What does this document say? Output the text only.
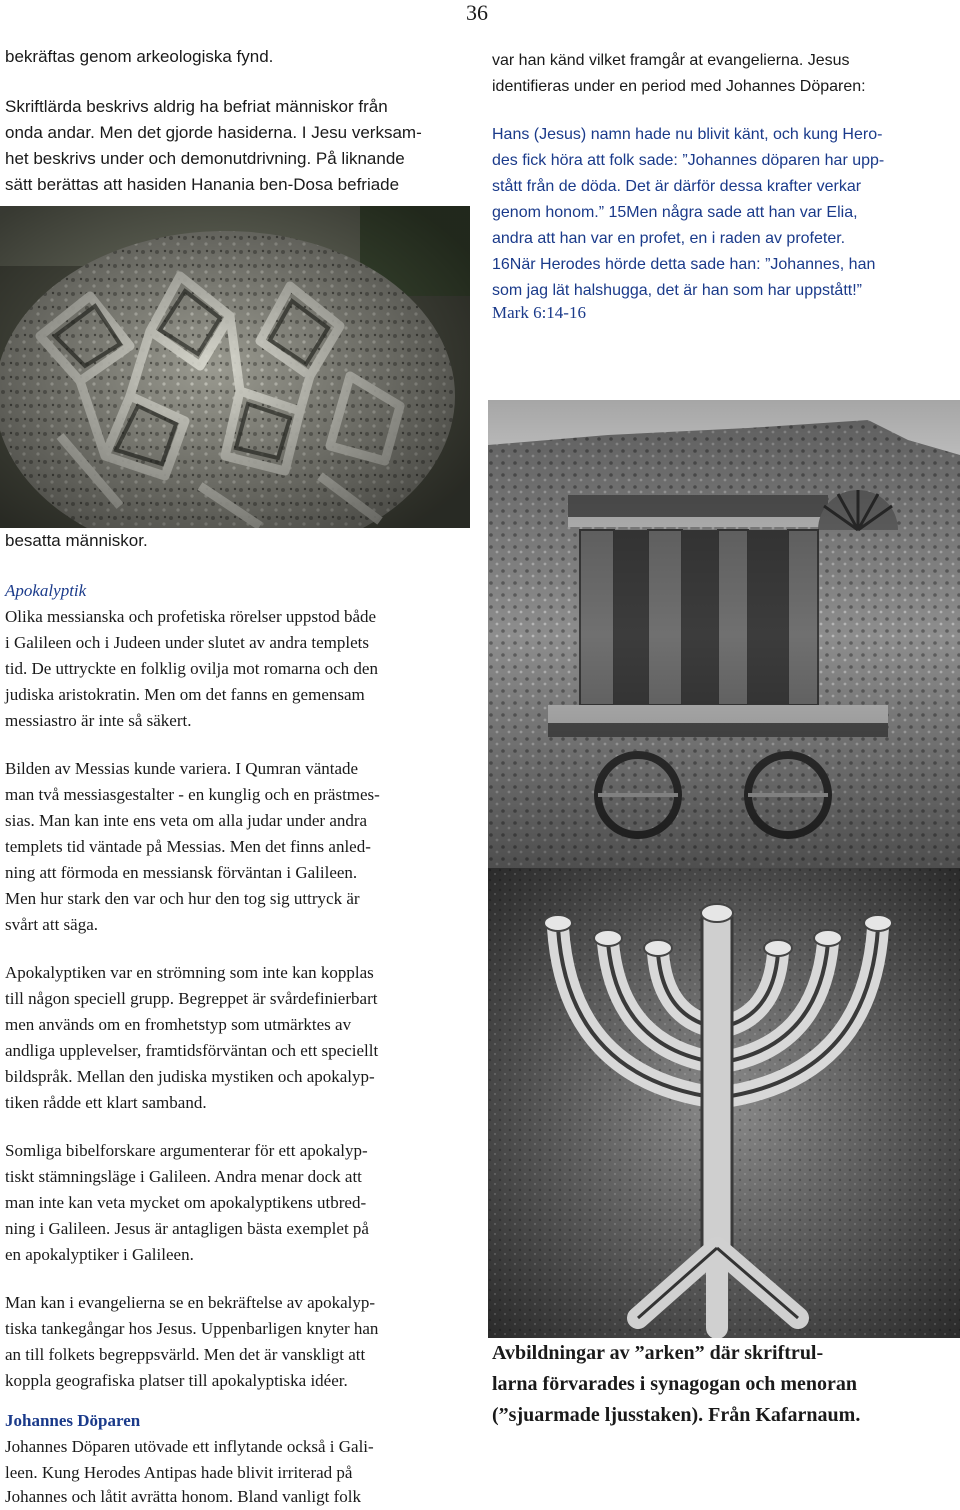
36
bekräftas genom arkeologiska fynd.
Skriftlärda beskrivs aldrig ha befriat människor från
onda andar. Men det gjorde hasiderna. I Jesu verksam-
het beskrivs under och demonutdrivning. På liknande
sätt berättas att hasiden Hanania ben-Dosa befriade
besatta människor.
Apokalyptik
Olika messianska och profetiska rörelser uppstod både
i Galileen och i Judeen under slutet av andra templets
tid. De uttryckte en folklig ovilja mot romarna och den
judiska aristokratin. Men om det fanns en gemensam
messiastro är inte så säkert.
Bilden av Messias kunde variera. I Qumran väntade
man två messiasgestalter - en kunglig och en prästmes-
sias. Man kan inte ens veta om alla judar under andra
templets tid väntade på Messias. Men det finns anled-
ning att förmoda en messiansk förväntan i Galileen.
Men hur stark den var och hur den tog sig uttryck är
svårt att säga.
Apokalyptiken var en strömning som inte kan kopplas
till någon speciell grupp. Begreppet är svårdefinierbart
men används om en fromhetstyp som utmärktes av
andliga upplevelser, framtidsförväntan och ett speciellt
bildspråk. Mellan den judiska mystiken och apokalyp-
tiken rådde ett klart samband.
Somliga bibelforskare argumenterar för ett apokalyp-
tiskt stämningsläge i Galileen. Andra menar dock att
man inte kan veta mycket om apokalyptikens utbred-
ning i Galileen. Jesus är antagligen bästa exemplet på
en apokalyptiker i Galileen.
Man kan i evangelierna se en bekräftelse av apokalyp-
tiska tankegångar hos Jesus. Uppenbarligen knyter han
an till folkets begreppsvärld. Men det är vanskligt att
koppla geografiska platser till apokalyptiska idéer.
Johannes Döparen
Johannes Döparen utövade ett inflytande också i Gali-
leen. Kung Herodes Antipas hade blivit irriterad på
Johannes och låtit avrätta honom. Bland vanligt folk
var han känd vilket framgår at evangelierna. Jesus
identifieras under en period med Johannes Döparen:
Hans (Jesus) namn hade nu blivit känt, och kung Hero-
des fick höra att folk sade: ”Johannes döparen har upp-
stått från de döda. Det är därför dessa krafter verkar
genom honom.” 15Men några sade att han var Elia,
andra att han var en profet, en i raden av profeter.
16När Herodes hörde detta sade han: ”Johannes, han
som jag lät halshugga, det är han som har uppstått!”
Mark 6:14-16
Avbildningar av ”arken” där skriftrul-
larna förvarades i synagogan och menoran
(”sjuarmade ljusstaken). Från Kafarnaum.
